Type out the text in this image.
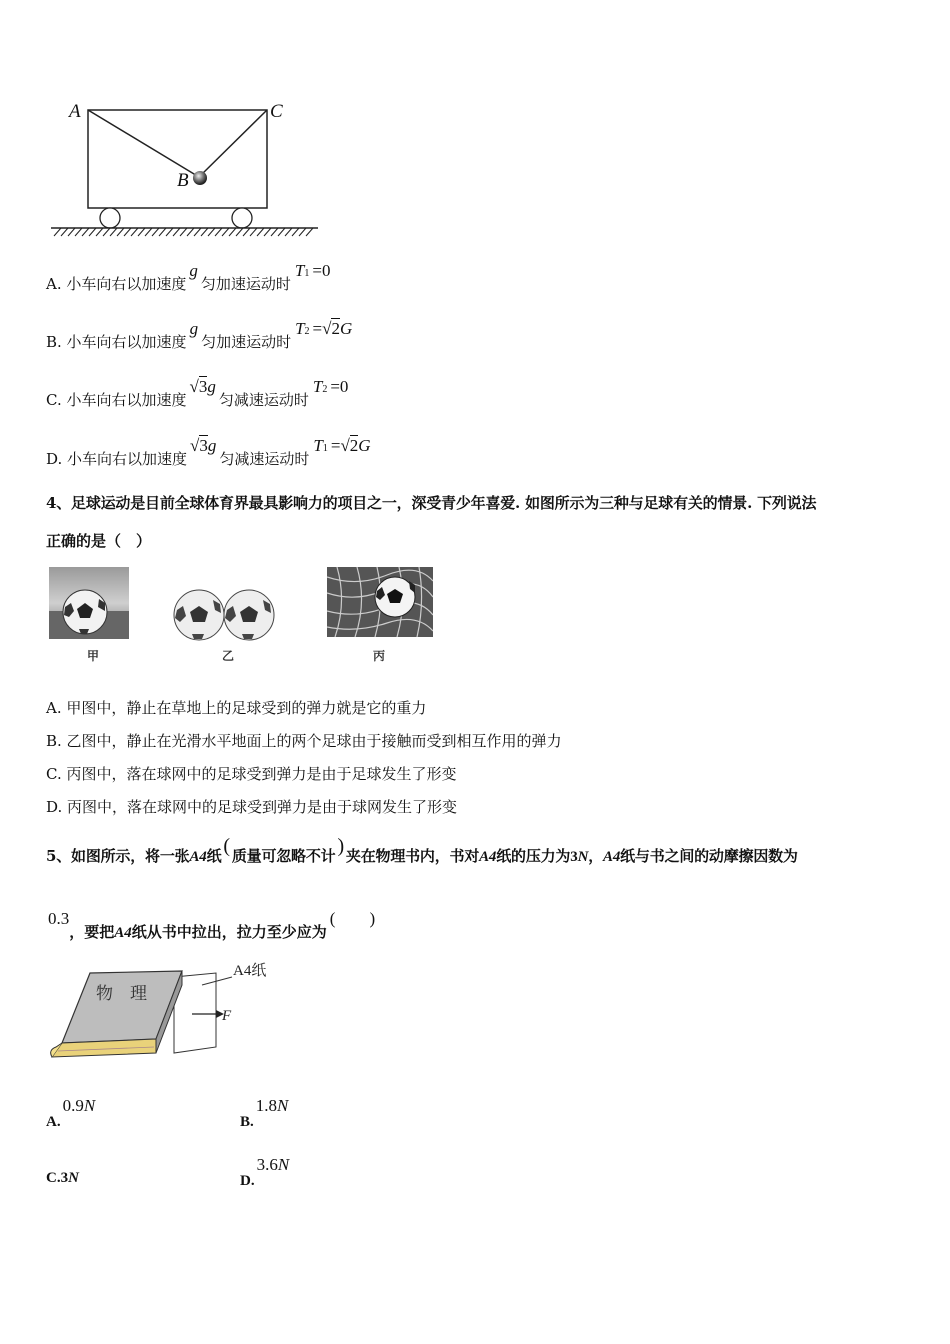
A	C
B
A. 小车向右以加速度g匀加速运动时T1 =0
B. 小车向右以加速度g匀加速运动时T2 =√2G
C. 小车向右以加速度√3g匀减速运动时T2 =0
D. 小车向右以加速度√3g匀减速运动时T1 =√2G
4、足球运动是目前全球体育界最具影响力的项目之一，深受青少年喜爱. 如图所示为三种与足球有关的情景. 下列说法
正确的是（　）
甲	乙	丙
A. 甲图中，静止在草地上的足球受到的弹力就是它的重力
B. 乙图中，静止在光滑水平地面上的两个足球由于接触而受到相互作用的弹力
C. 丙图中，落在球网中的足球受到弹力是由于足球发生了形变
D. 丙图中，落在球网中的足球受到弹力是由于球网发生了形变
5、如图所示，将一张A4纸 ( 质量可忽略不计 ) 夹在物理书内，书对A4纸的压力为3N，A4纸与书之间的动摩擦因数为
0.3，要把A4纸从书中拉出，拉力至少应为(　　)
物　理
F
A4纸
A.0.9N
B.1.8N
C.3N	D.3.6N
